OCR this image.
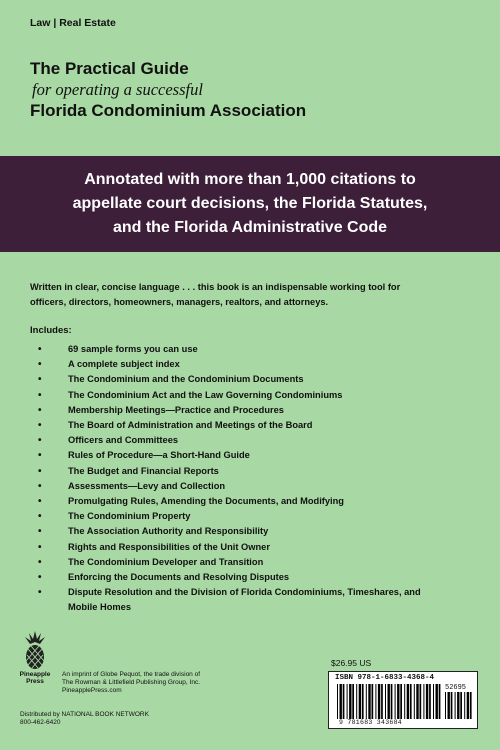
Law | Real Estate
The Practical Guide
for operating a successful
Florida Condominium Association
Annotated with more than 1,000 citations to
appellate court decisions, the Florida Statutes,
and the Florida Administrative Code
Written in clear, concise language . . . this book is an indispensable working tool for
officers, directors, homeowners, managers, realtors, and attorneys.
Includes:
•	69 sample forms you can use
•	A complete subject index
•	The Condominium and the Condominium Documents
•	The Condominium Act and the Law Governing Condominiums
•	Membership Meetings—Practice and Procedures
•	The Board of Administration and Meetings of the Board
•	Officers and Committees
•	Rules of Procedure—a Short-Hand Guide
•	The Budget and Financial Reports
•	Assessments—Levy and Collection
•	Promulgating Rules, Amending the Documents, and Modifying
•	The Condominium Property
•	The Association Authority and Responsibility
•	Rights and Responsibilities of the Unit Owner
•	The Condominium Developer and Transition
•	Enforcing the Documents and Resolving Disputes
•	Dispute Resolution and the Division of Florida Condominiums, Timeshares, and
Mobile Homes
Pineapple
Press
An imprint of Globe Pequot, the trade division of
The Rowman & Littlefield Publishing Group, Inc.
PineapplePress.com
Distributed by NATIONAL BOOK NETWORK
800-462-6420
$26.95 US
ISBN 978-1-6833-4368-4
52695
9 781683 343684
